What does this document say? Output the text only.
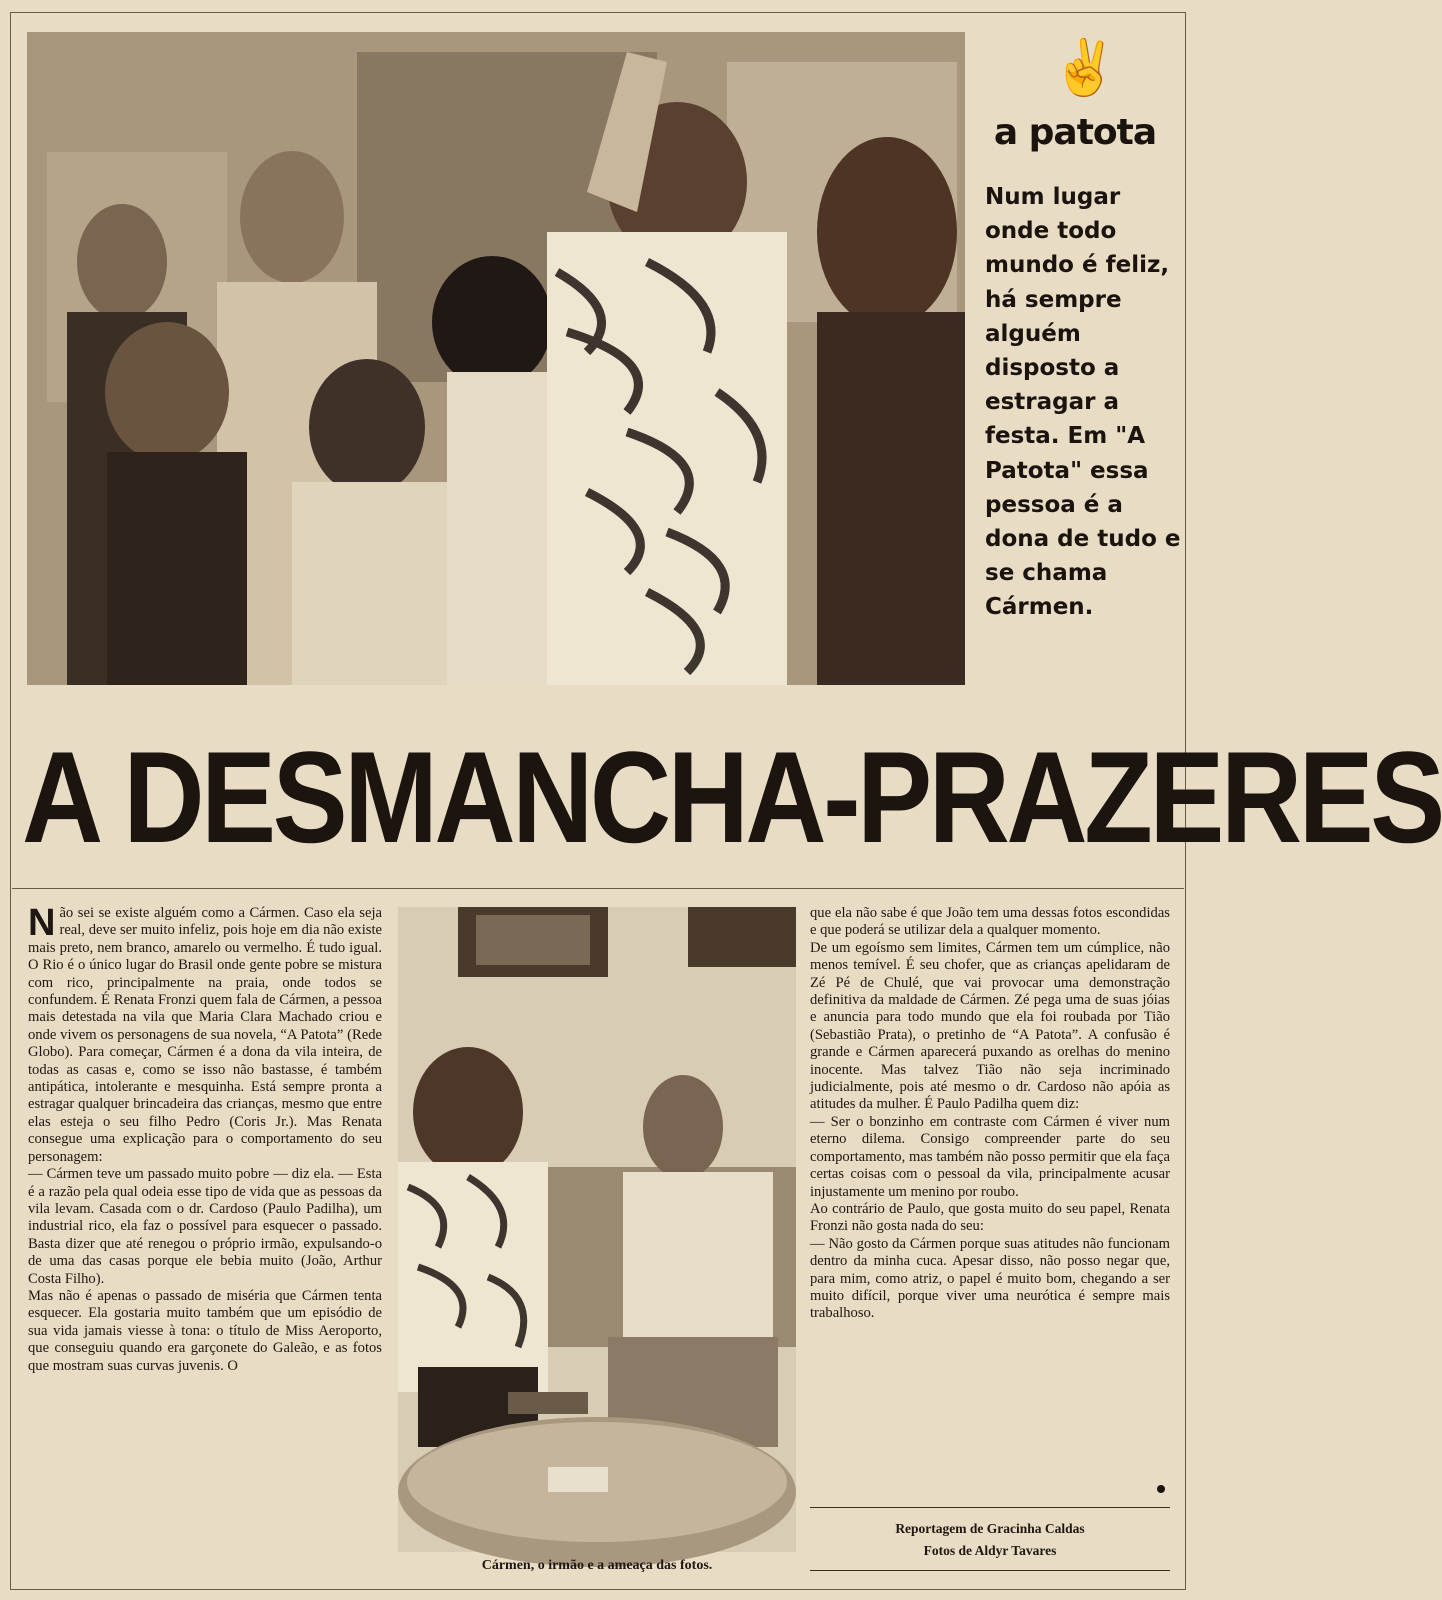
✌
a patota

Num lugar onde todo mundo é feliz, há sempre alguém disposto a estragar a festa. Em "A Patota" essa pessoa é a dona de tudo e se chama Cármen.

A DESMANCHA-PRAZERES

Não sei se existe alguém como a Cármen. Caso ela seja real, deve ser muito infeliz, pois hoje em dia não existe mais preto, nem branco, amarelo ou vermelho. É tudo igual. O Rio é o único lugar do Brasil onde gente pobre se mistura com rico, principalmente na praia, onde todos se confundem. É Renata Fronzi quem fala de Cármen, a pessoa mais detestada na vila que Maria Clara Machado criou e onde vivem os personagens de sua novela, “A Patota” (Rede Globo). Para começar, Cármen é a dona da vila inteira, de todas as casas e, como se isso não bastasse, é também antipática, intolerante e mesquinha. Está sempre pronta a estragar qualquer brincadeira das crianças, mesmo que entre elas esteja o seu filho Pedro (Coris Jr.). Mas Renata consegue uma explicação para o comportamento do seu personagem:

— Cármen teve um passado muito pobre — diz ela. — Esta é a razão pela qual odeia esse tipo de vida que as pessoas da vila levam. Casada com o dr. Cardoso (Paulo Padilha), um industrial rico, ela faz o possível para esquecer o passado. Basta dizer que até renegou o próprio irmão, expulsando-o de uma das casas porque ele bebia muito (João, Arthur Costa Filho).

Mas não é apenas o passado de miséria que Cármen tenta esquecer. Ela gostaria muito também que um episódio de sua vida jamais viesse à tona: o título de Miss Aeroporto, que conseguiu quando era garçonete do Galeão, e as fotos que mostram suas curvas juvenis. O

Cármen, o irmão e a ameaça das fotos.

que ela não sabe é que João tem uma dessas fotos escondidas e que poderá se utilizar dela a qualquer momento.

De um egoísmo sem limites, Cármen tem um cúmplice, não menos temível. É seu chofer, que as crianças apelidaram de Zé Pé de Chulé, que vai provocar uma demonstração definitiva da maldade de Cármen. Zé pega uma de suas jóias e anuncia para todo mundo que ela foi roubada por Tião (Sebastião Prata), o pretinho de “A Patota”. A confusão é grande e Cármen aparecerá puxando as orelhas do menino inocente. Mas talvez Tião não seja incriminado judicialmente, pois até mesmo o dr. Cardoso não apóia as atitudes da mulher. É Paulo Padilha quem diz:

— Ser o bonzinho em contraste com Cármen é viver num eterno dilema. Consigo compreender parte do seu comportamento, mas também não posso permitir que ela faça certas coisas com o pessoal da vila, principalmente acusar injustamente um menino por roubo.

Ao contrário de Paulo, que gosta muito do seu papel, Renata Fronzi não gosta nada do seu:

— Não gosto da Cármen porque suas atitudes não funcionam dentro da minha cuca. Apesar disso, não posso negar que, para mim, como atriz, o papel é muito bom, chegando a ser muito difícil, porque viver uma neurótica é sempre mais trabalhoso.

Reportagem de Gracinha Caldas
Fotos de Aldyr Tavares
